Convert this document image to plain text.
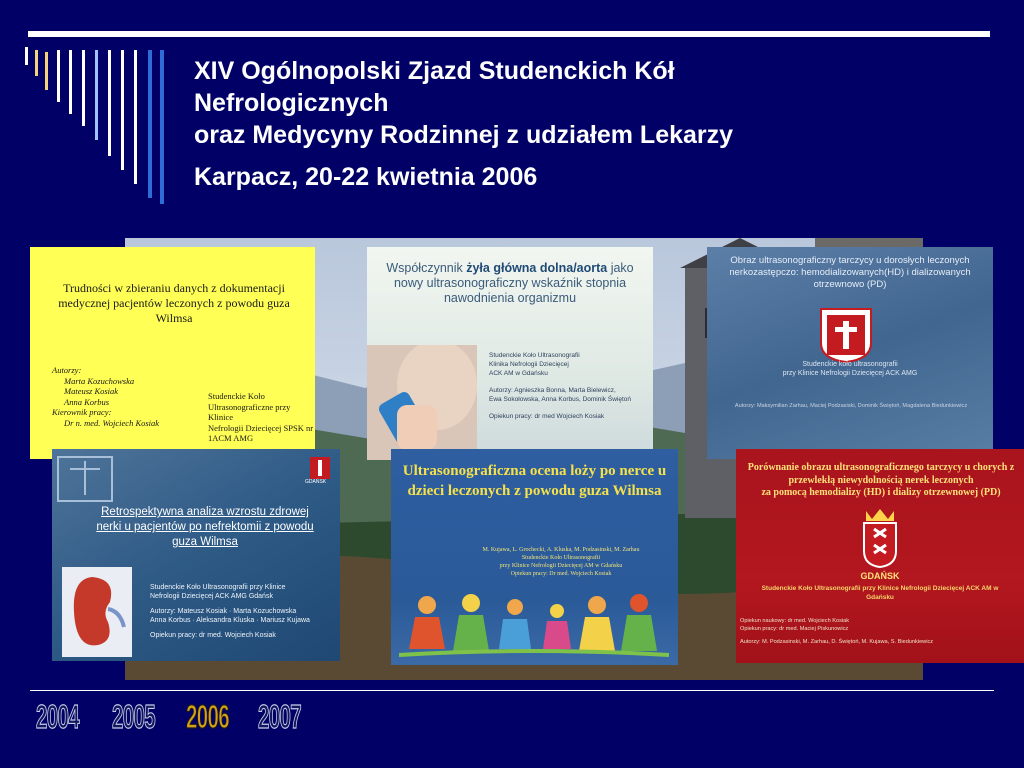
XIV Ogólnopolski Zjazd Studenckich Kół
Nefrologicznych
oraz Medycyny Rodzinnej z udziałem Lekarzy
Karpacz, 20-22 kwietnia 2006
Trudności w zbieraniu danych z dokumentacji medycznej pacjentów leczonych z powodu guza Wilmsa
Autorzy:
Marta Kozuchowska
Mateusz Kosiak
Anna Korbus
Kierownik pracy:
Dr n. med. Wojciech Kosiak
Studenckie Koło
Ultrasonograficzne przy Klinice
Nefrologii Dziecięcej SPSK nr
1ACM AMG
Współczynnik żyła główna dolna/aorta jako nowy ultrasonograficzny wskaźnik stopnia nawodnienia organizmu
Studenckie Koło Ultrasonografii
Klinika Nefrologii Dziecięcej
ACK AM w Gdańsku
Autorzy: Agnieszka Bonna, Marta Bielewicz,
Ewa Sokołowska, Anna Korbus, Dominik Świętoń
Opiekun pracy: dr med Wojciech Kosiak
Obraz ultrasonograficzny tarczycy u dorosłych leczonych nerkozastępczo: hemodializowanych(HD) i dializowanych otrzewnowo (PD)
Studenckie koło ultrasonografii
przy Klinice Nefrologii Dziecięcej ACK AMG
Autorzy: Maksymilian Zarhau, Maciej Podzasiski, Dominik Świętoń, Magdalena Biedunkiewicz
GDAŃSK
Retrospektywna analiza wzrostu zdrowej nerki u pacjentów po nefrektomii z powodu guza Wilmsa
Studenckie Koło Ultrasonografii przy Klinice
Nefrologii Dziecięcej ACK AMG Gdańsk
Autorzy: Mateusz Kosiak · Marta Kozuchowska
Anna Korbus · Aleksandra Kluska · Mariusz Kujawa
Opiekun pracy: dr med. Wojciech Kosiak
Ultrasonograficzna ocena loży po nerce u dzieci leczonych z powodu guza Wilmsa
M. Kujawa, L. Grochecki, A. Kluska, M. Podzasinski, M. Zarhau
Studenckie Koło Ultrasonografii
przy Klinice Nefrologii Dziecięcej AM w Gdańsku
Opiekun pracy: Dr med. Wojciech Kosiak
Porównanie obrazu ultrasonograficznego tarczycy u chorych z przewlekłą niewydolnością nerek leczonych
za pomocą hemodializy (HD) i dializy otrzewnowej (PD)
GDAŃSK
Studenckie Koło Ultrasonografii przy Klinice Nefrologii Dziecięcej ACK AM w Gdańsku
Opiekun naukowy: dr med. Wojciech Kosiak
Opiekun pracy: dr med. Maciej Piskunowicz
Autorzy: M. Podzasinski, M. Zarhau, D. Świętoń, M. Kujawa, S. Biedunkiewicz
2004 2005 2006 2007
